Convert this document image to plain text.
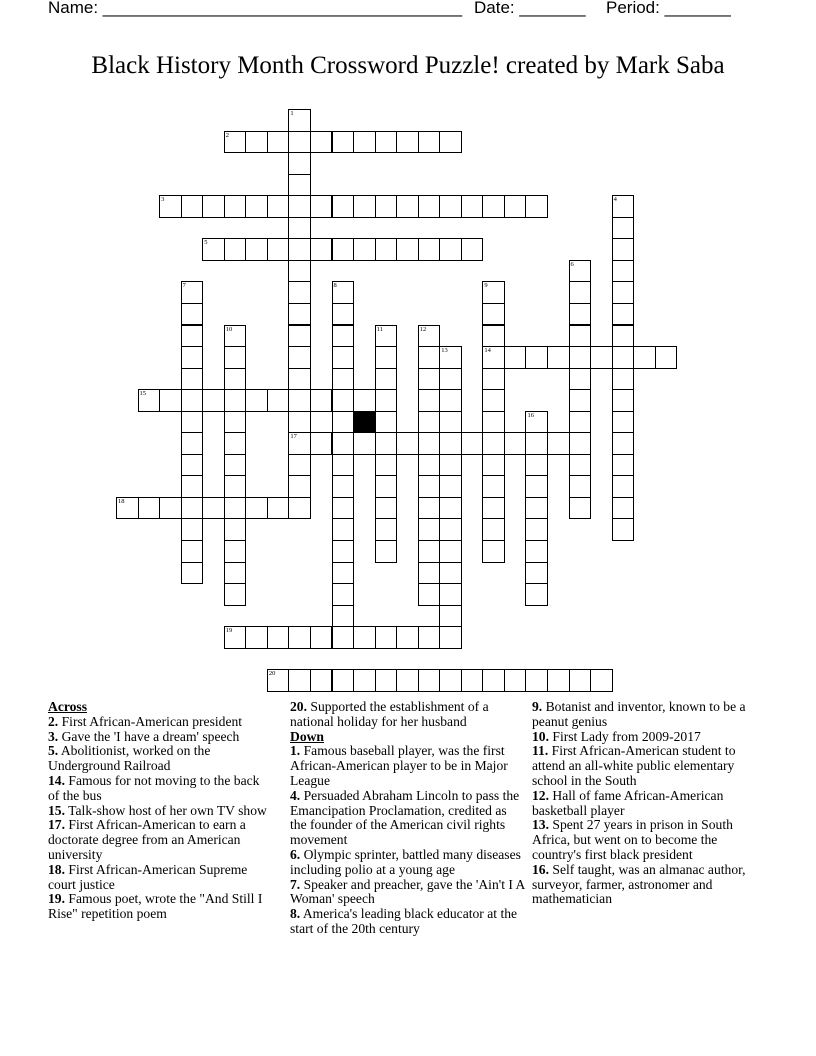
Name: ______________________________________ Date: _______ Period: _______
Black History Month Crossword Puzzle! created by Mark Saba
1
17
2
3	4
5
6
7	8	9
14
10	11	12
13
15
16
18
19
20
Across
2. First African-American president
3. Gave the 'I have a dream' speech
5. Abolitionist, worked on the Underground Railroad
14. Famous for not moving to the back of the bus
15. Talk-show host of her own TV show
17. First African-American to earn a doctorate degree from an American university
18. First African-American Supreme court justice
19. Famous poet, wrote the "And Still I Rise" repetition poem
20. Supported the establishment of a national holiday for her husband
Down
1. Famous baseball player, was the first African-American player to be in Major League
4. Persuaded Abraham Lincoln to pass the Emancipation Proclamation, credited as the founder of the American civil rights movement
6. Olympic sprinter, battled many diseases including polio at a young age
7. Speaker and preacher, gave the 'Ain't I A Woman' speech
8. America's leading black educator at the start of the 20th century
9. Botanist and inventor, known to be a peanut genius
10. First Lady from 2009-2017
11. First African-American student to attend an all-white public elementary school in the South
12. Hall of fame African-American basketball player
13. Spent 27 years in prison in South Africa, but went on to become the country's first black president
16. Self taught, was an almanac author, surveyor, farmer, astronomer and mathematician
